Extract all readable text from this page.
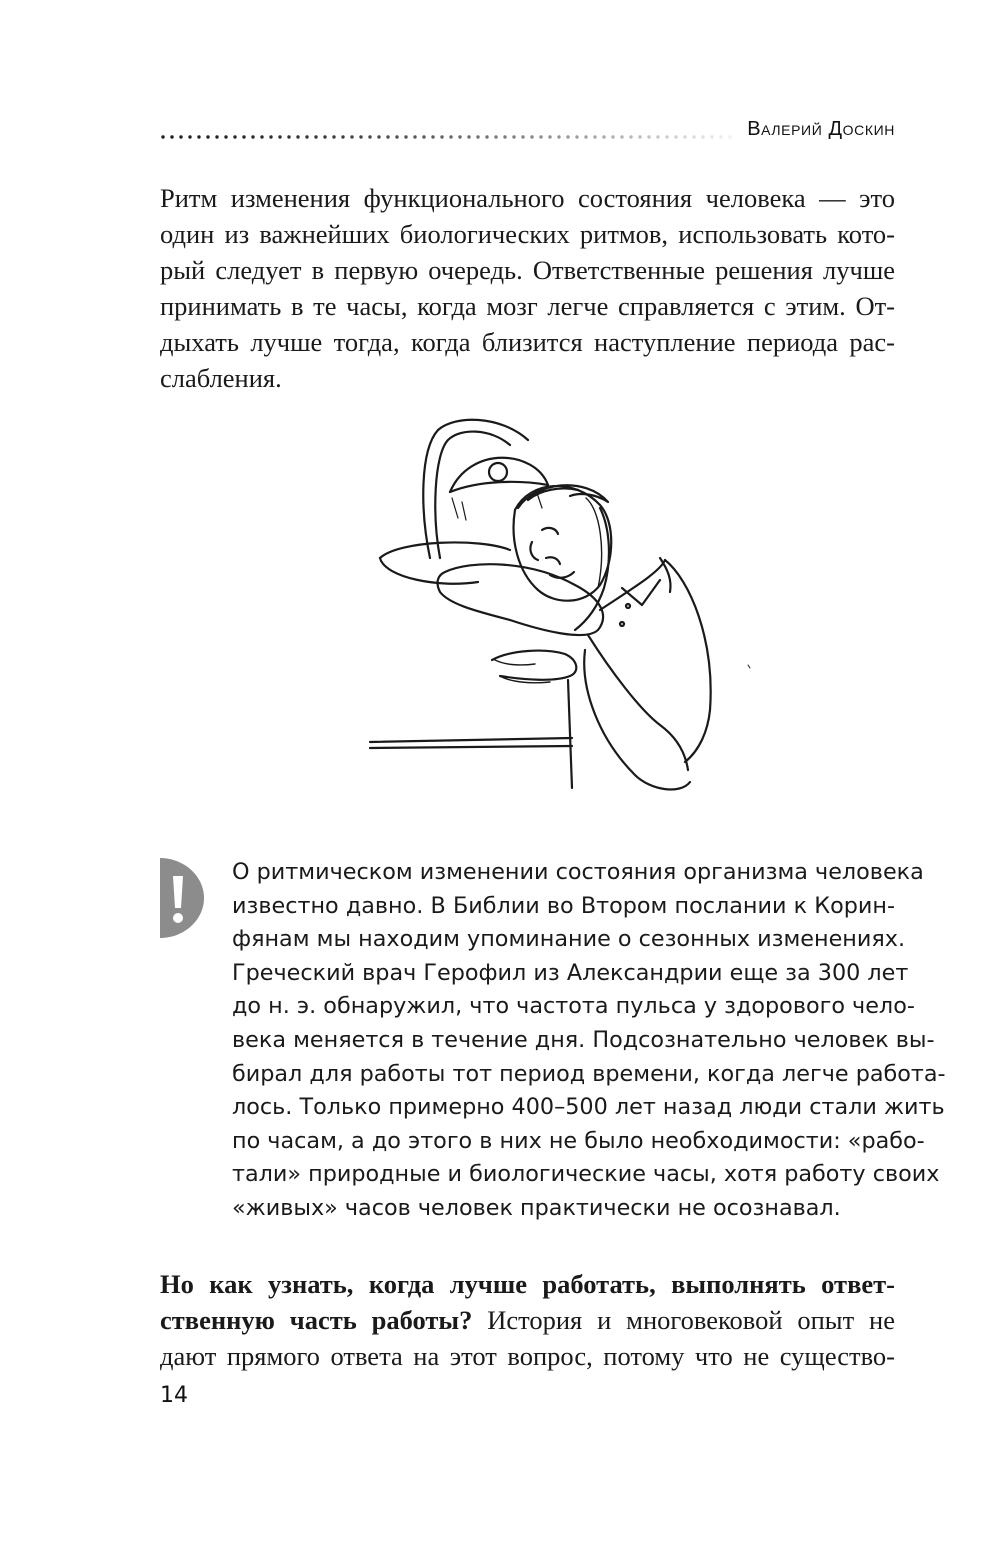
Валерий Доскин
Ритм изменения функционального состояния человека — это
один из важнейших биологических ритмов, использовать кото-
рый следует в первую очередь. Ответственные решения лучше
принимать в те часы, когда мозг легче справляется с этим. От-
дыхать лучше тогда, когда близится наступление периода рас-
слабления.
О ритмическом изменении состояния организма человека
известно давно. В Библии во Втором послании к Корин-
фянам мы находим упоминание о сезонных изменениях.
Греческий врач Герофил из Александрии еще за 300 лет
до н. э. обнаружил, что частота пульса у здорового чело-
века меняется в течение дня. Подсознательно человек вы-
бирал для работы тот период времени, когда легче работа-
лось. Только примерно 400–500 лет назад люди стали жить
по часам, а до этого в них не было необходимости: «рабо-
тали» природные и биологические часы, хотя работу своих
«живых» часов человек практически не осознавал.
Но как узнать, когда лучше работать, выполнять ответ-
ственную часть работы? История и многовековой опыт не
дают прямого ответа на этот вопрос, потому что не существо-
14
